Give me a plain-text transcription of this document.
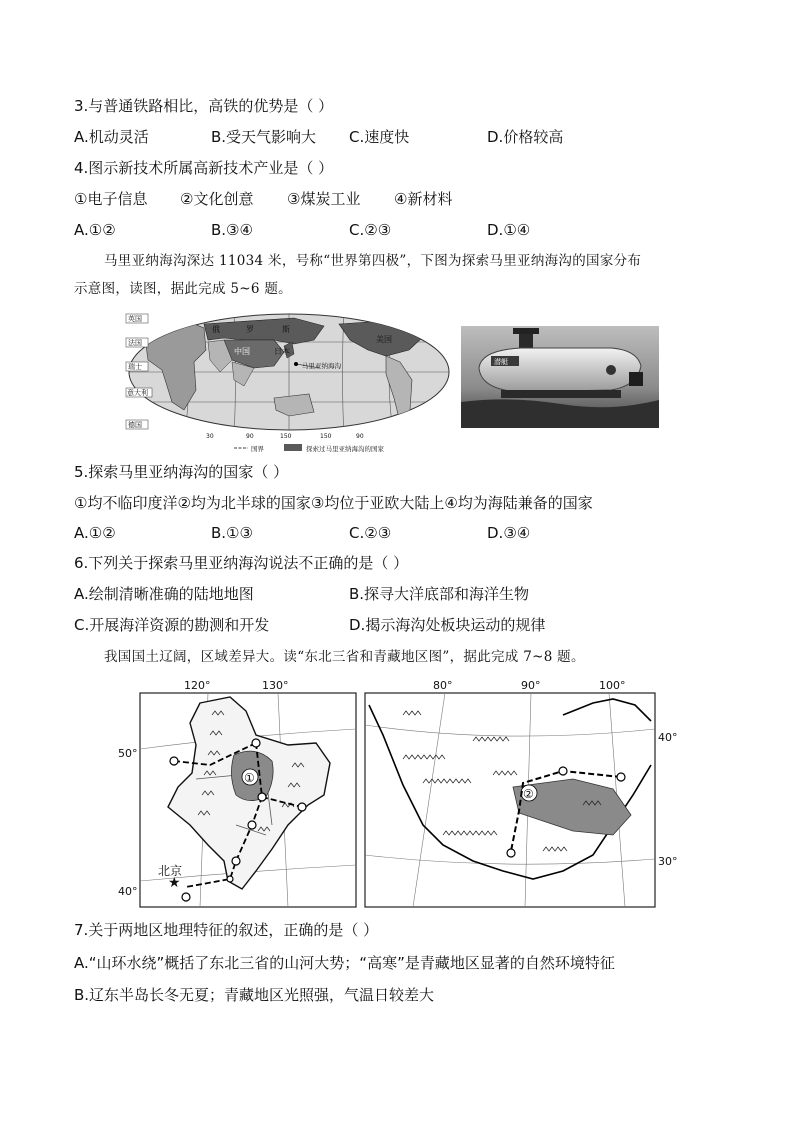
3.与普通铁路相比，高铁的优势是（ ）
A.机动灵活	B.受天气影响大 C.速度快	D.价格较高
4.图示新技术所属高新技术产业是（ ）
①电子信息 ②文化创意 ③煤炭工业 ④新材料
A.①②	B.③④	C.②③	D.①④
马里亚纳海沟深达 11034 米，号称“世界第四极”，下图为探索马里亚纳海沟的国家分布
示意图，读图，据此完成 5~6 题。
英国
法国
瑞士
意大利
德国
俄	罗	斯
中国	日本
美国
马里亚纳海沟
30	90	150	150	90
国界	探索过马里亚纳海沟的国家
潜艇
5.探索马里亚纳海沟的国家（ ）
①均不临印度洋②均为北半球的国家③均位于亚欧大陆上④均为海陆兼备的国家
A.①②	B.①③	C.②③	D.③④
6.下列关于探索马里亚纳海沟说法不正确的是（ ）
A.绘制清晰准确的陆地地图	B.探寻大洋底部和海洋生物
C.开展海洋资源的勘测和开发	D.揭示海沟处板块运动的规律
我国国土辽阔，区域差异大。读“东北三省和青藏地区图”，据此完成 7~8 题。
①
★
北京
120°	130°
50°
40°
②
80°	90°	100°
40°
30°
7.关于两地区地理特征的叙述，正确的是（ ）
A.“山环水绕”概括了东北三省的山河大势；“高寒”是青藏地区显著的自然环境特征
B.辽东半岛长冬无夏；青藏地区光照强，气温日较差大
